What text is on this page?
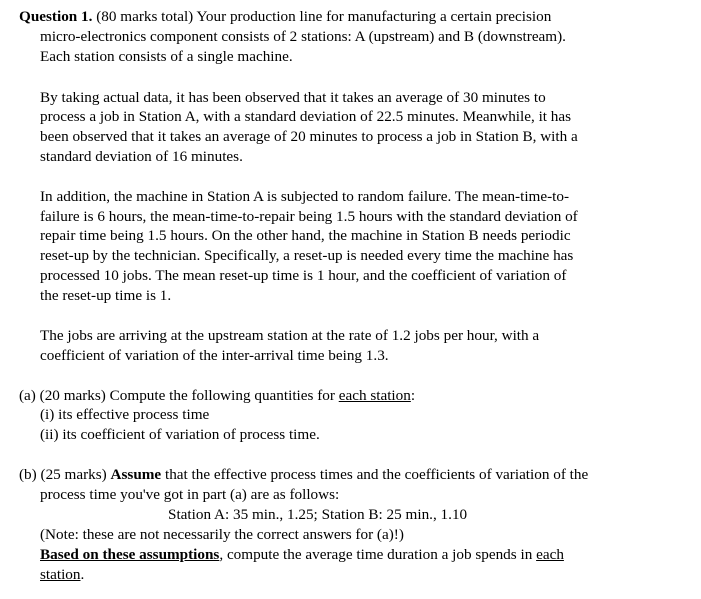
Question 1. (80 marks total) Your production line for manufacturing a certain precision
micro-electronics component consists of 2 stations: A (upstream) and B (downstream).
Each station consists of a single machine.
By taking actual data, it has been observed that it takes an average of 30 minutes to
process a job in Station A, with a standard deviation of 22.5 minutes. Meanwhile, it has
been observed that it takes an average of 20 minutes to process a job in Station B, with a
standard deviation of 16 minutes.
In addition, the machine in Station A is subjected to random failure. The mean-time-to-
failure is 6 hours, the mean-time-to-repair being 1.5 hours with the standard deviation of
repair time being 1.5 hours. On the other hand, the machine in Station B needs periodic
reset-up by the technician. Specifically, a reset-up is needed every time the machine has
processed 10 jobs. The mean reset-up time is 1 hour, and the coefficient of variation of
the reset-up time is 1.
The jobs are arriving at the upstream station at the rate of 1.2 jobs per hour, with a
coefficient of variation of the inter-arrival time being 1.3.
(a) (20 marks) Compute the following quantities for each station:
(i) its effective process time
(ii) its coefficient of variation of process time.
(b) (25 marks) Assume that the effective process times and the coefficients of variation of the
process time you've got in part (a) are as follows:
Station A: 35 min., 1.25; Station B: 25 min., 1.10
(Note: these are not necessarily the correct answers for (a)!)
Based on these assumptions, compute the average time duration a job spends in each
station.
